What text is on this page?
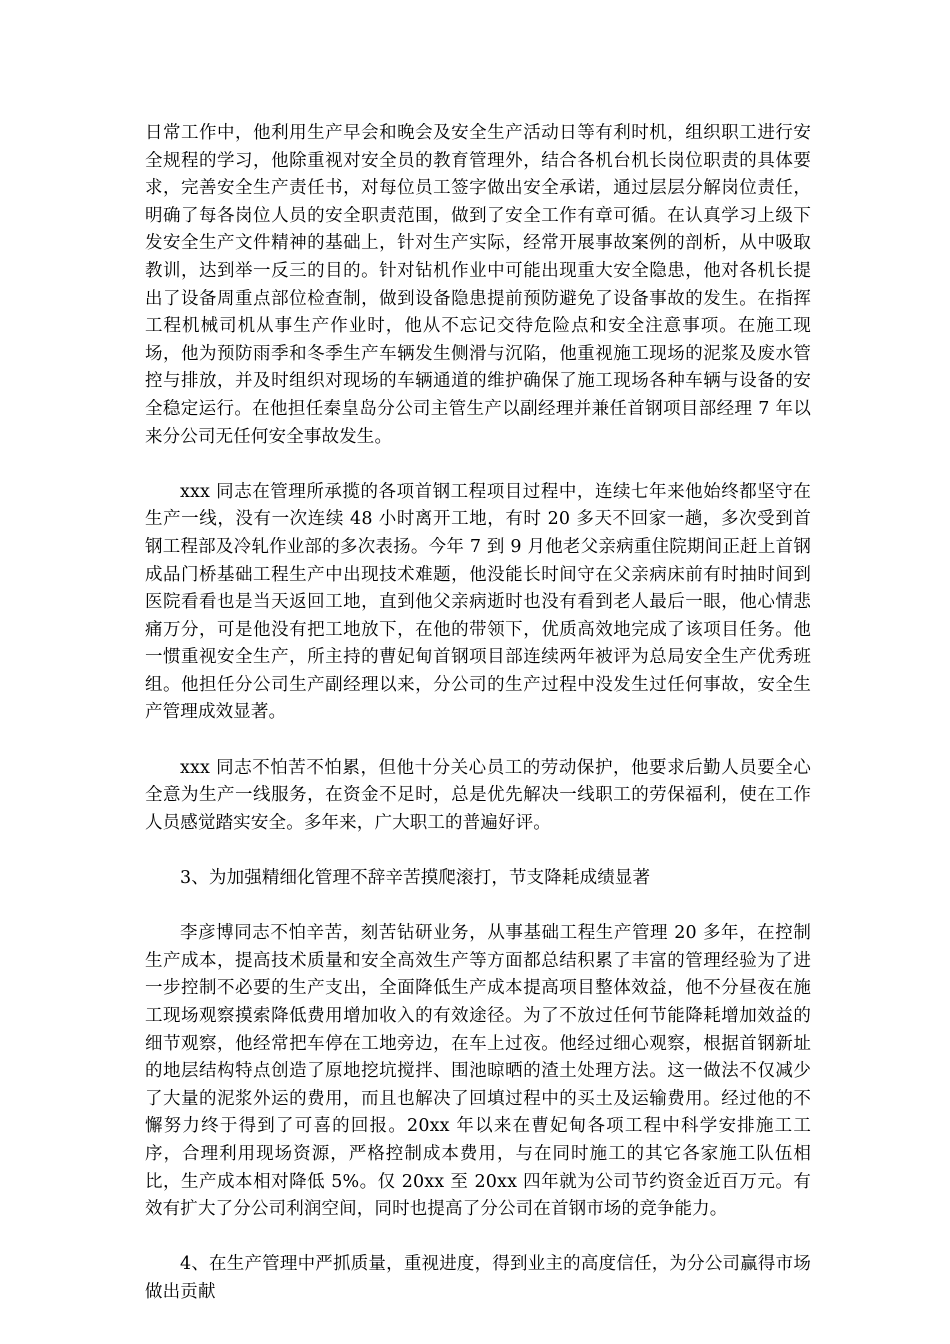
日常工作中，他利用生产早会和晚会及安全生产活动日等有利时机，组织职工进行安全规程的学习，他除重视对安全员的教育管理外，结合各机台机长岗位职责的具体要求，完善安全生产责任书，对每位员工签字做出安全承诺，通过层层分解岗位责任，明确了每各岗位人员的安全职责范围，做到了安全工作有章可循。在认真学习上级下发安全生产文件精神的基础上，针对生产实际，经常开展事故案例的剖析，从中吸取教训，达到举一反三的目的。针对钻机作业中可能出现重大安全隐患，他对各机长提出了设备周重点部位检查制，做到设备隐患提前预防避免了设备事故的发生。在指挥工程机械司机从事生产作业时，他从不忘记交待危险点和安全注意事项。在施工现场，他为预防雨季和冬季生产车辆发生侧滑与沉陷，他重视施工现场的泥浆及废水管控与排放，并及时组织对现场的车辆通道的维护确保了施工现场各种车辆与设备的安全稳定运行。在他担任秦皇岛分公司主管生产以副经理并兼任首钢项目部经理 7 年以来分公司无任何安全事故发生。

xxx 同志在管理所承揽的各项首钢工程项目过程中，连续七年来他始终都坚守在生产一线，没有一次连续 48 小时离开工地，有时 20 多天不回家一趟，多次受到首钢工程部及冷轧作业部的多次表扬。今年 7 到 9 月他老父亲病重住院期间正赶上首钢成品门桥基础工程生产中出现技术难题，他没能长时间守在父亲病床前有时抽时间到医院看看也是当天返回工地，直到他父亲病逝时也没有看到老人最后一眼，他心情悲痛万分，可是他没有把工地放下，在他的带领下，优质高效地完成了该项目任务。他一惯重视安全生产，所主持的曹妃甸首钢项目部连续两年被评为总局安全生产优秀班组。他担任分公司生产副经理以来，分公司的生产过程中没发生过任何事故，安全生产管理成效显著。

xxx 同志不怕苦不怕累，但他十分关心员工的劳动保护，他要求后勤人员要全心全意为生产一线服务，在资金不足时，总是优先解决一线职工的劳保福利，使在工作人员感觉踏实安全。多年来，广大职工的普遍好评。

3、为加强精细化管理不辞辛苦摸爬滚打，节支降耗成绩显著

李彦博同志不怕辛苦，刻苦钻研业务，从事基础工程生产管理 20 多年，在控制生产成本，提高技术质量和安全高效生产等方面都总结积累了丰富的管理经验为了进一步控制不必要的生产支出，全面降低生产成本提高项目整体效益，他不分昼夜在施工现场观察摸索降低费用增加收入的有效途径。为了不放过任何节能降耗增加效益的细节观察，他经常把车停在工地旁边，在车上过夜。他经过细心观察，根据首钢新址的地层结构特点创造了原地挖坑搅拌、围池晾晒的渣土处理方法。这一做法不仅减少了大量的泥浆外运的费用，而且也解决了回填过程中的买土及运输费用。经过他的不懈努力终于得到了可喜的回报。20xx 年以来在曹妃甸各项工程中科学安排施工工序，合理利用现场资源，严格控制成本费用，与在同时施工的其它各家施工队伍相比，生产成本相对降低 5%。仅 20xx 至 20xx 四年就为公司节约资金近百万元。有效有扩大了分公司利润空间，同时也提高了分公司在首钢市场的竞争能力。

4、在生产管理中严抓质量，重视进度，得到业主的高度信任，为分公司赢得市场做出贡献
